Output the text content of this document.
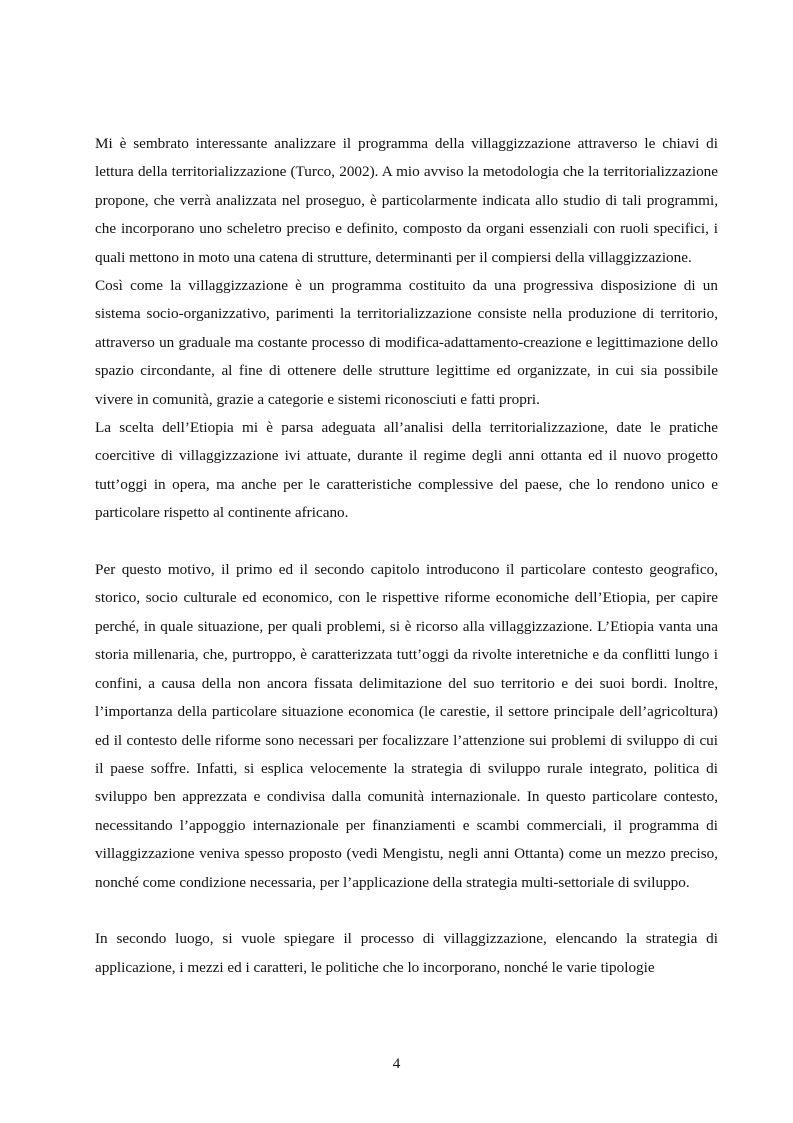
Mi è sembrato interessante analizzare il programma della villaggizzazione attraverso le chiavi di lettura della territorializzazione (Turco, 2002). A mio avviso la metodologia che la territorializzazione propone, che verrà analizzata nel proseguo, è particolarmente indicata allo studio di tali programmi, che incorporano uno scheletro preciso e definito, composto da organi essenziali con ruoli specifici, i quali mettono in moto una catena di strutture, determinanti per il compiersi della villaggizzazione.

Così come la villaggizzazione è un programma costituito da una progressiva disposizione di un sistema socio-organizzativo, parimenti la territorializzazione consiste nella produzione di territorio, attraverso un graduale ma costante processo di modifica-adattamento-creazione e legittimazione dello spazio circondante, al fine di ottenere delle strutture legittime ed organizzate, in cui sia possibile vivere in comunità, grazie a categorie e sistemi riconosciuti e fatti propri.

La scelta dell’Etiopia mi è parsa adeguata all’analisi della territorializzazione, date le pratiche coercitive di villaggizzazione ivi attuate, durante il regime degli anni ottanta ed il nuovo progetto tutt’oggi in opera, ma anche per le caratteristiche complessive del paese, che lo rendono unico e particolare rispetto al continente africano.

Per questo motivo, il primo ed il secondo capitolo introducono il particolare contesto geografico, storico, socio culturale ed economico, con le rispettive riforme economiche dell’Etiopia, per capire perché, in quale situazione, per quali problemi, si è ricorso alla villaggizzazione. L’Etiopia vanta una storia millenaria, che, purtroppo, è caratterizzata tutt’oggi da rivolte interetniche e da conflitti lungo i confini, a causa della non ancora fissata delimitazione del suo territorio e dei suoi bordi. Inoltre, l’importanza della particolare situazione economica (le carestie, il settore principale dell’agricoltura) ed il contesto delle riforme sono necessari per focalizzare l’attenzione sui problemi di sviluppo di cui il paese soffre. Infatti, si esplica velocemente la strategia di sviluppo rurale integrato, politica di sviluppo ben apprezzata e condivisa dalla comunità internazionale. In questo particolare contesto, necessitando l’appoggio internazionale per finanziamenti e scambi commerciali, il programma di villaggizzazione veniva spesso proposto (vedi Mengistu, negli anni Ottanta) come un mezzo preciso, nonché come condizione necessaria, per l’applicazione della strategia multi-settoriale di sviluppo.

In secondo luogo, si vuole spiegare il processo di villaggizzazione, elencando la strategia di applicazione, i mezzi ed i caratteri, le politiche che lo incorporano, nonché le varie tipologie

4
